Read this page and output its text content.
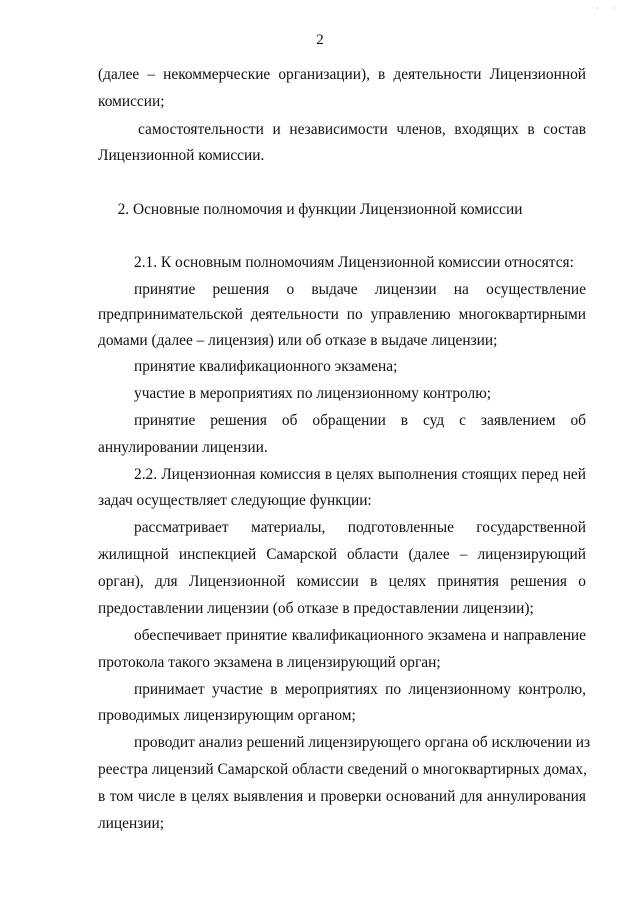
· ·
2
(далее – некоммерческие организации), в деятельности Лицензионной
комиссии;
самостоятельности и независимости членов, входящих в состав
Лицензионной комиссии.
2. Основные полномочия и функции Лицензионной комиссии
2.1. К основным полномочиям Лицензионной комиссии относятся:
принятие решения о выдаче лицензии на осуществление
предпринимательской деятельности по управлению многоквартирными
домами (далее – лицензия) или об отказе в выдаче лицензии;
принятие квалификационного экзамена;
участие в мероприятиях по лицензионному контролю;
принятие решения об обращении в суд с заявлением об
аннулировании лицензии.
2.2. Лицензионная комиссия в целях выполнения стоящих перед ней
задач осуществляет следующие функции:
рассматривает материалы, подготовленные государственной
жилищной инспекцией Самарской области (далее – лицензирующий
орган), для Лицензионной комиссии в целях принятия решения о
предоставлении лицензии (об отказе в предоставлении лицензии);
обеспечивает принятие квалификационного экзамена и направление
протокола такого экзамена в лицензирующий орган;
принимает участие в мероприятиях по лицензионному контролю,
проводимых лицензирующим органом;
проводит анализ решений лицензирующего органа об исключении из
реестра лицензий Самарской области сведений о многоквартирных домах,
в том числе в целях выявления и проверки оснований для аннулирования
лицензии;
